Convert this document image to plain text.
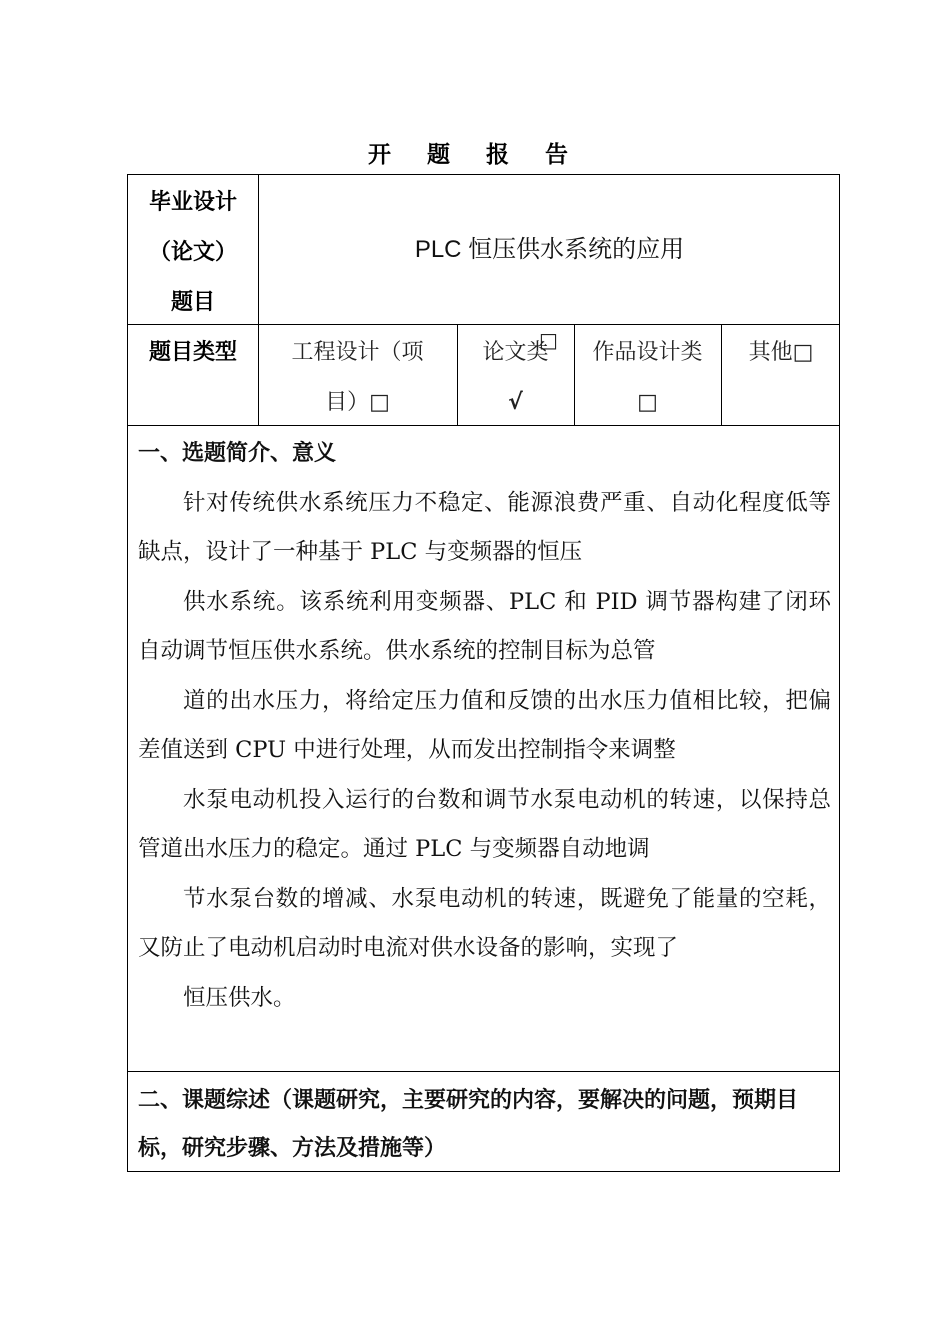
开 题 报 告
毕业设计
（论文）
题目
PLC 恒压供水系统的应用
题目类型	工程设计（项
目）□
论文类
√
□	作品设计类
□
其他□

一、选题简介、意义

针对传统供水系统压力不稳定、能源浪费严重、自动化程度低等缺点，设计了一种基于 PLC 与变频器的恒压

供水系统。该系统利用变频器、PLC 和 PID 调节器构建了闭环自动调节恒压供水系统。供水系统的控制目标为总管

道的出水压力，将给定压力值和反馈的出水压力值相比较，把偏差值送到 CPU 中进行处理，从而发出控制指令来调整

水泵电动机投入运行的台数和调节水泵电动机的转速，以保持总管道出水压力的稳定。通过 PLC 与变频器自动地调

节水泵台数的增减、水泵电动机的转速，既避免了能量的空耗，又防止了电动机启动时电流对供水设备的影响，实现了

恒压供水。

二、课题综述（课题研究，主要研究的内容，要解决的问题，预期目标，研究步骤、方法及措施等）
